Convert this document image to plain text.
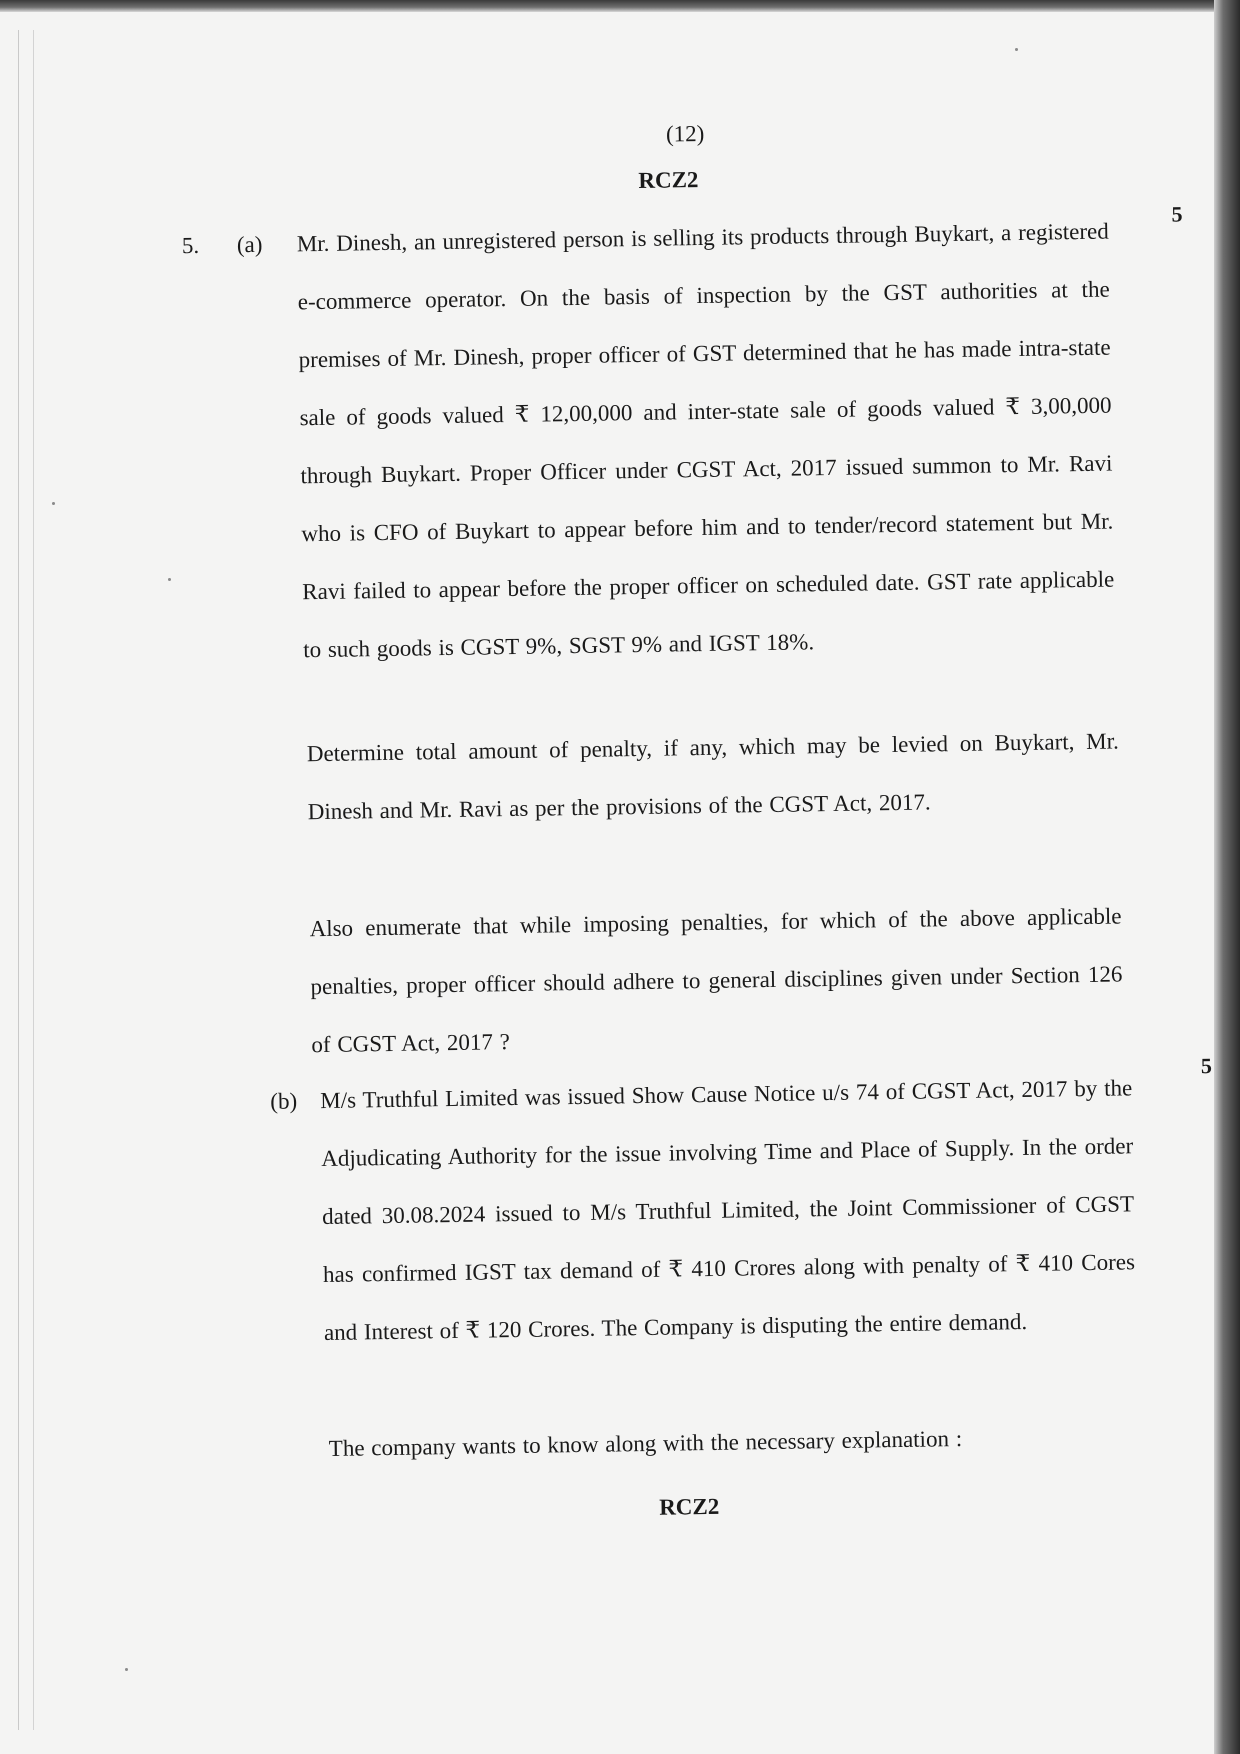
(12)
RCZ2
5. (a)
5

Mr. Dinesh, an unregistered person is selling its products through Buykart, a registered e-commerce operator. On the basis of inspection by the GST authorities at the premises of Mr. Dinesh, proper officer of GST determined that he has made intra-state sale of goods valued ₹ 12,00,000 and inter-state sale of goods valued ₹ 3,00,000 through Buykart. Proper Officer under CGST Act, 2017 issued summon to Mr. Ravi who is CFO of Buykart to appear before him and to tender/record statement but Mr. Ravi failed to appear before the proper officer on scheduled date. GST rate applicable to such goods is CGST 9%, SGST 9% and IGST 18%.

Determine total amount of penalty, if any, which may be levied on Buykart, Mr. Dinesh and Mr. Ravi as per the provisions of the CGST Act, 2017.

Also enumerate that while imposing penalties, for which of the above applicable penalties, proper officer should adhere to general disciplines given under Section 126 of CGST Act, 2017 ?

(b)
5

M/s Truthful Limited was issued Show Cause Notice u/s 74 of CGST Act, 2017 by the Adjudicating Authority for the issue involving Time and Place of Supply. In the order dated 30.08.2024 issued to M/s Truthful Limited, the Joint Commissioner of CGST has confirmed IGST tax demand of ₹ 410 Crores along with penalty of ₹ 410 Cores and Interest of ₹ 120 Crores. The Company is disputing the entire demand.

The company wants to know along with the necessary explanation :

RCZ2
